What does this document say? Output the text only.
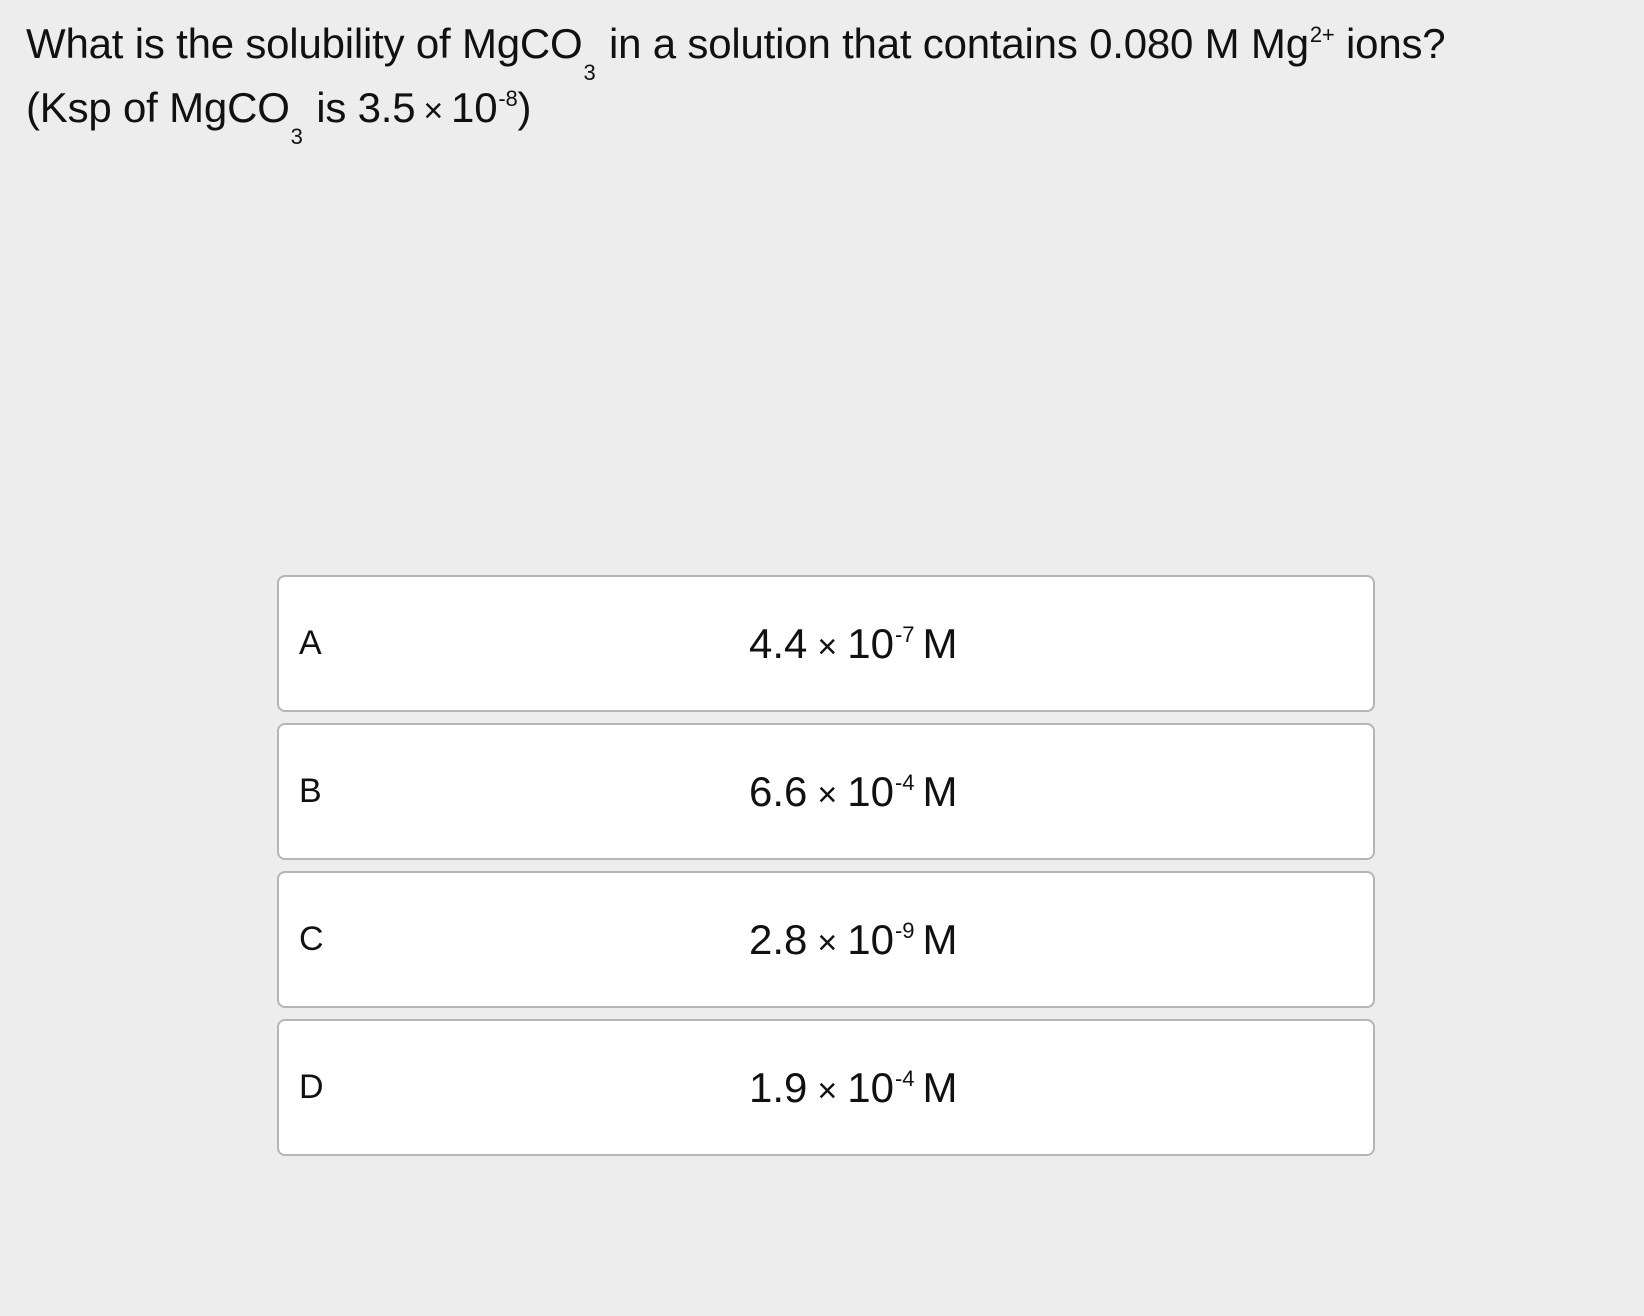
What is the solubility of MgCO$_3$ in a solution that contains 0.080 M $Mg^{2+}$ ions?
(Ksp of MgCO$_3$ is $3.5 \times 10^{-8}$)
A	$4.4 \times 10^{-7}$ M
B	$6.6 \times 10^{-4}$ M
C	$2.8 \times 10^{-9}$ M
D	$1.9 \times 10^{-4}$ M
